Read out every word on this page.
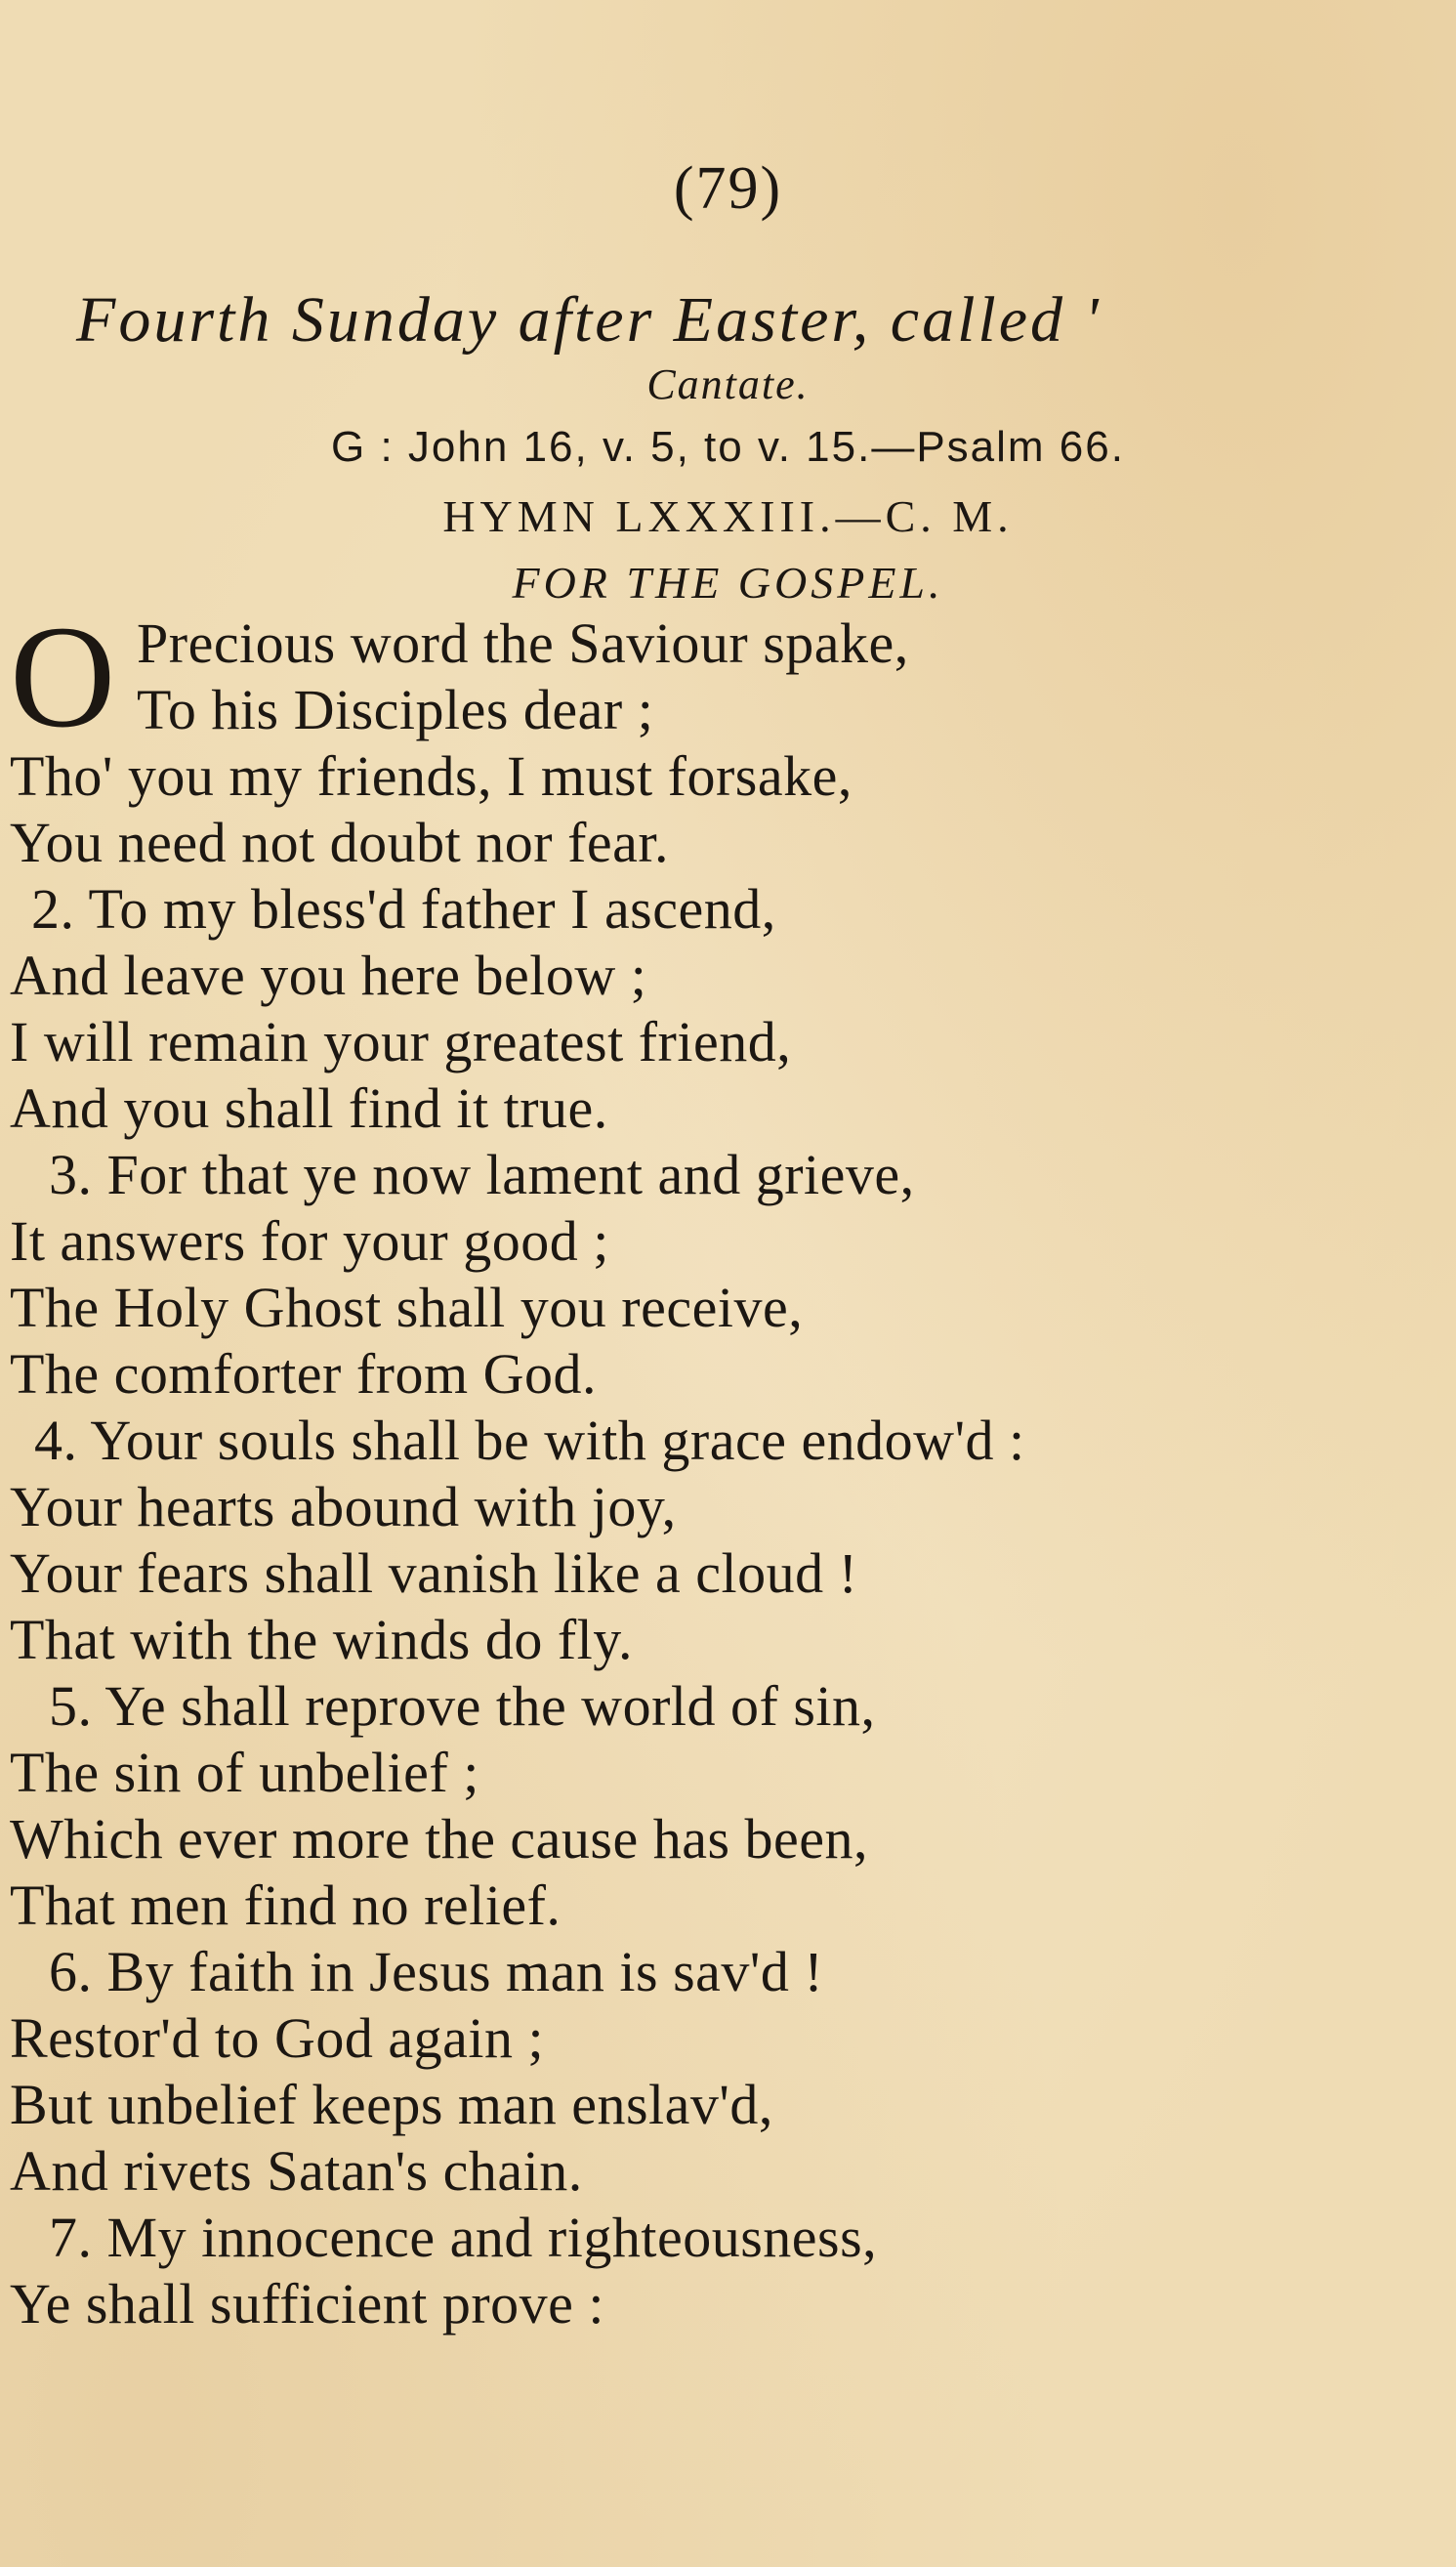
(79)
Fourth Sunday after Easter, called '
Cantate.
G : John 16, v. 5, to v. 15.—Psalm 66.
HYMN LXXXIII.—C. M.
FOR THE GOSPEL.
O Precious word the Saviour spake,
To his Disciples dear ;
Tho' you my friends, I must forsake,
You need not doubt nor fear.
2. To my bless'd father I ascend,
And leave you here below ;
I will remain your greatest friend,
And you shall find it true.
3. For that ye now lament and grieve,
It answers for your good ;
The Holy Ghost shall you receive,
The comforter from God.
4. Your souls shall be with grace endow'd :
Your hearts abound with joy,
Your fears shall vanish like a cloud !
That with the winds do fly.
5. Ye shall reprove the world of sin,
The sin of unbelief ;
Which ever more the cause has been,
That men find no relief.
6. By faith in Jesus man is sav'd !
Restor'd to God again ;
But unbelief keeps man enslav'd,
And rivets Satan's chain.
7. My innocence and righteousness,
Ye shall sufficient prove :
